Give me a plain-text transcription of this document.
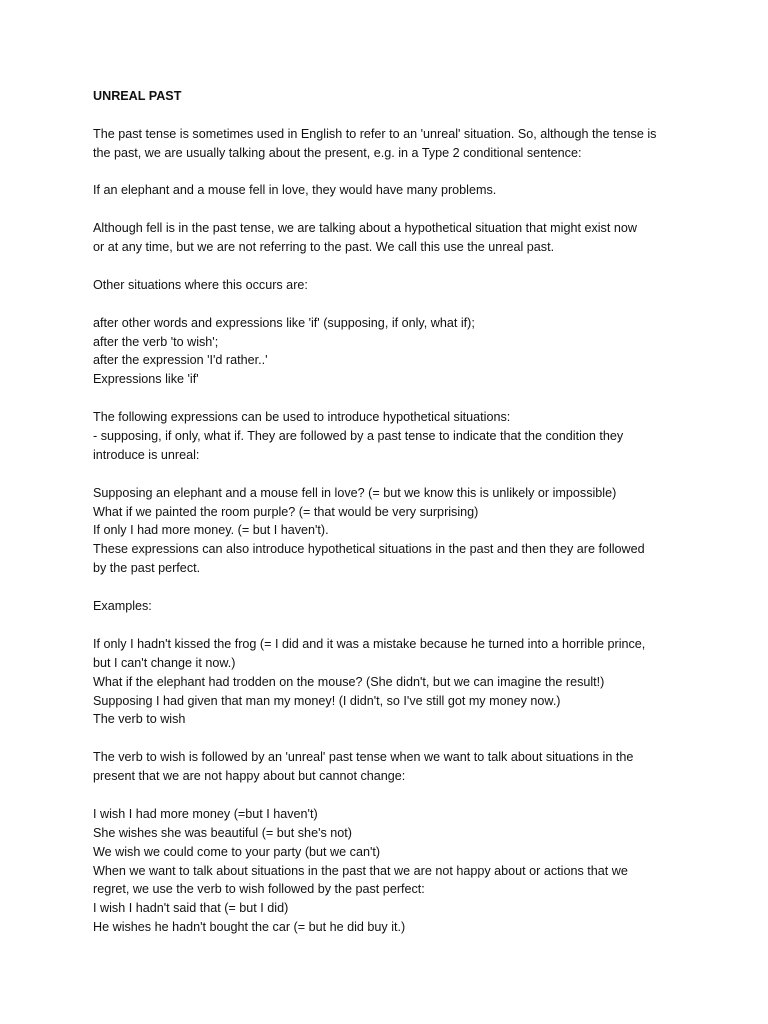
UNREAL PAST
The past tense is sometimes used in English to refer to an 'unreal' situation. So, although the tense is
the past, we are usually talking about the present, e.g. in a Type 2 conditional sentence:
If an elephant and a mouse fell in love, they would have many problems.
Although fell is in the past tense, we are talking about a hypothetical situation that might exist now
or at any time, but we are not referring to the past. We call this use the unreal past.
Other situations where this occurs are:
after other words and expressions like 'if' (supposing, if only, what if);
after the verb 'to wish';
after the expression 'I'd rather..'
Expressions like 'if'
The following expressions can be used to introduce hypothetical situations:
- supposing, if only, what if. They are followed by a past tense to indicate that the condition they
introduce is unreal:
Supposing an elephant and a mouse fell in love? (= but we know this is unlikely or impossible)
What if we painted the room purple? (= that would be very surprising)
If only I had more money. (= but I haven't).
These expressions can also introduce hypothetical situations in the past and then they are followed
by the past perfect.
Examples:
If only I hadn't kissed the frog (= I did and it was a mistake because he turned into a horrible prince,
but I can't change it now.)
What if the elephant had trodden on the mouse? (She didn't, but we can imagine the result!)
Supposing I had given that man my money! (I didn't, so I've still got my money now.)
The verb to wish
The verb to wish is followed by an 'unreal' past tense when we want to talk about situations in the
present that we are not happy about but cannot change:
I wish I had more money (=but I haven't)
She wishes she was beautiful (= but she's not)
We wish we could come to your party (but we can't)
When we want to talk about situations in the past that we are not happy about or actions that we
regret, we use the verb to wish followed by the past perfect:
I wish I hadn't said that (= but I did)
He wishes he hadn't bought the car (= but he did buy it.)
